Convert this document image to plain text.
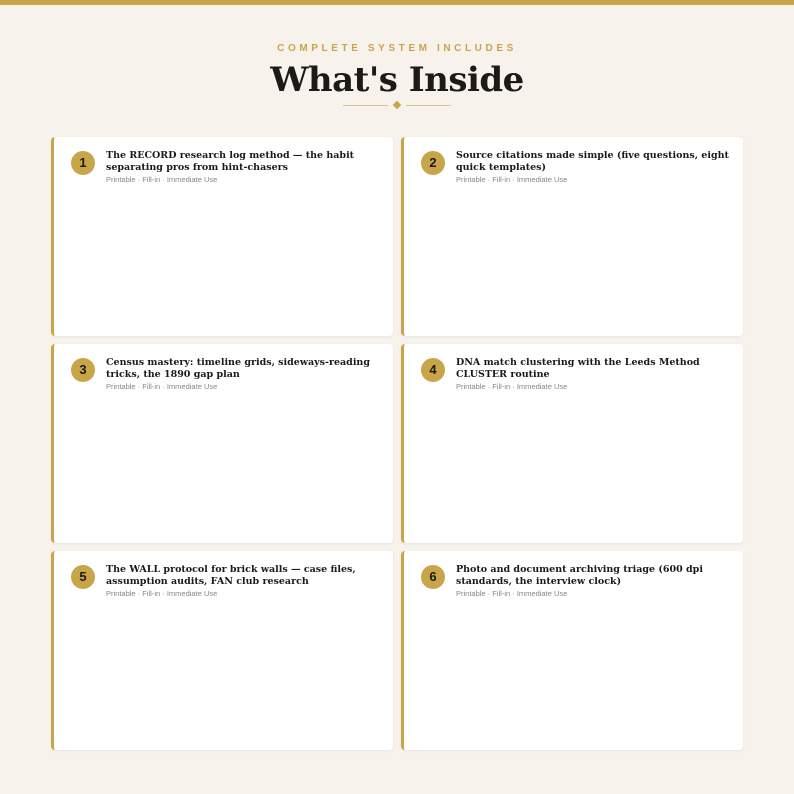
COMPLETE SYSTEM INCLUDES
What's Inside
1	The RECORD research log method — the habit separating pros from hint-chasers
Printable · Fill-in · Immediate Use
2	Source citations made simple (five questions, eight quick templates)
Printable · Fill-in · Immediate Use
3	Census mastery: timeline grids, sideways-reading tricks, the 1890 gap plan
Printable · Fill-in · Immediate Use
4	DNA match clustering with the Leeds Method CLUSTER routine
Printable · Fill-in · Immediate Use
5	The WALL protocol for brick walls — case files, assumption audits, FAN club research
Printable · Fill-in · Immediate Use
6	Photo and document archiving triage (600 dpi standards, the interview clock)
Printable · Fill-in · Immediate Use
